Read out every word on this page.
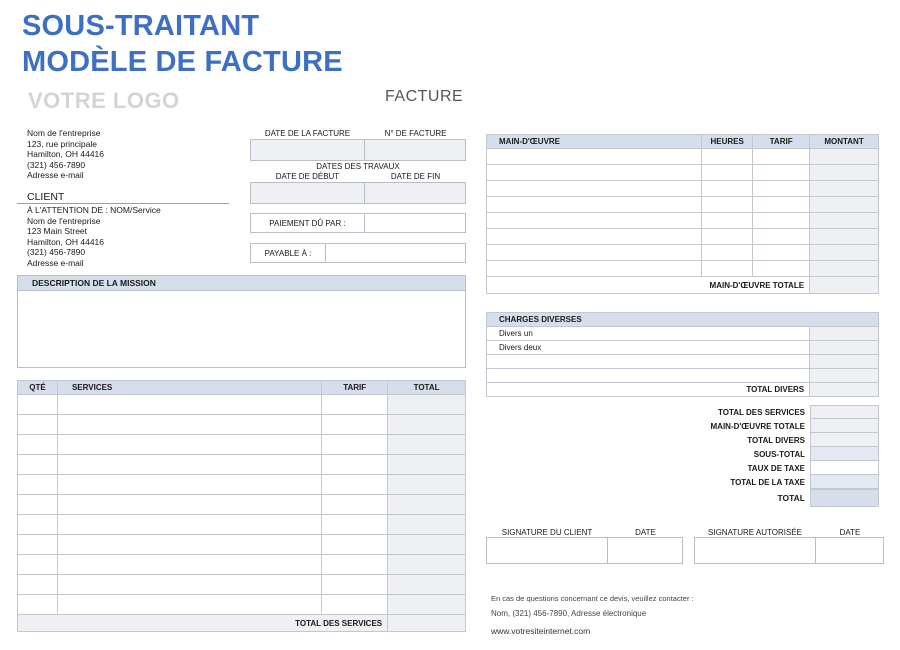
SOUS-TRAITANT
MODÈLE DE FACTURE
VOTRE LOGO	FACTURE
Nom de l'entreprise
123, rue principale
Hamilton, OH 44416
(321) 456-7890
Adresse e-mail
CLIENT
À L'ATTENTION DE : NOM/Service
Nom de l'entreprise
123 Main Street
Hamilton, OH 44416
(321) 456-7890
Adresse e-mail
DATE DE LA FACTURE	N° DE FACTURE
DATES DES TRAVAUX
DATE DE DÉBUT	DATE DE FIN
PAIEMENT DÛ PAR :
PAYABLE À :
DESCRIPTION DE LA MISSION
QTÉ	SERVICES	TARIF	TOTAL

TOTAL DES SERVICES			
MAIN-D'ŒUVRE	HEURES	TARIF	MONTANT

MAIN-D'ŒUVRE TOTALE			
CHARGES DIVERSES	
Divers un	
Divers deux	

TOTAL DIVERS	
TOTAL DES SERVICES
MAIN-D'ŒUVRE TOTALE
TOTAL DIVERS
SOUS-TOTAL
TAUX DE TAXE
TOTAL DE LA TAXE
TOTAL
SIGNATURE DU CLIENT	DATE	SIGNATURE AUTORISÉE	DATE
En cas de questions concernant ce devis, veuillez contacter :
Nom, (321) 456-7890, Adresse électronique
www.votresiteinternet.com
